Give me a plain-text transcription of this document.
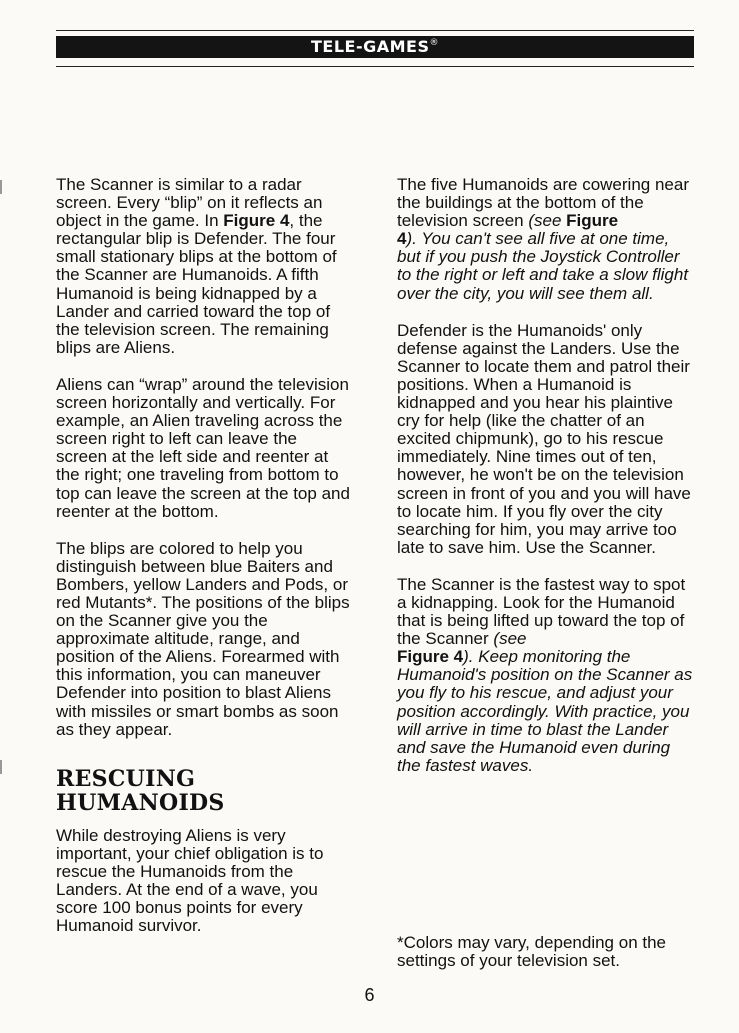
TELE-GAMES®

The Scanner is similar to a radar screen. Every “blip” on it reflects an object in the game. In Figure 4, the rectangular blip is Defender. The four small stationary blips at the bottom of the Scanner are Humanoids. A fifth Humanoid is being kidnapped by a Lander and carried toward the top of the television screen. The remaining blips are Aliens.

Aliens can “wrap” around the television screen horizontally and vertically. For example, an Alien traveling across the screen right to left can leave the screen at the left side and reenter at the right; one traveling from bottom to top can leave the screen at the top and reenter at the bottom.

The blips are colored to help you distinguish between blue Baiters and Bombers, yellow Landers and Pods, or red Mutants*. The positions of the blips on the Scanner give you the approximate altitude, range, and position of the Aliens. Forearmed with this information, you can maneuver Defender into position to blast Aliens with missiles or smart bombs as soon as they appear.

RESCUING HUMANOIDS

While destroying Aliens is very important, your chief obligation is to rescue the Humanoids from the Landers. At the end of a wave, you score 100 bonus points for every Humanoid survivor.

The five Humanoids are cowering near the buildings at the bottom of the television screen (see Figure
4). You can't see all five at one time, but if you push the Joystick Controller to the right or left and take a slow flight over the city, you will see them all.

Defender is the Humanoids' only defense against the Landers. Use the Scanner to locate them and patrol their positions. When a Humanoid is kidnapped and you hear his plaintive cry for help (like the chatter of an excited chipmunk), go to his rescue immediately. Nine times out of ten, however, he won't be on the television screen in front of you and you will have to locate him. If you fly over the city searching for him, you may arrive too late to save him. Use the Scanner.

The Scanner is the fastest way to spot a kidnapping. Look for the Humanoid that is being lifted up toward the top of the Scanner (see
Figure 4). Keep monitoring the Humanoid's position on the Scanner as you fly to his rescue, and adjust your position accordingly. With practice, you will arrive in time to blast the Lander and save the Humanoid even during the fastest waves.

*Colors may vary, depending on the settings of your television set.
6
